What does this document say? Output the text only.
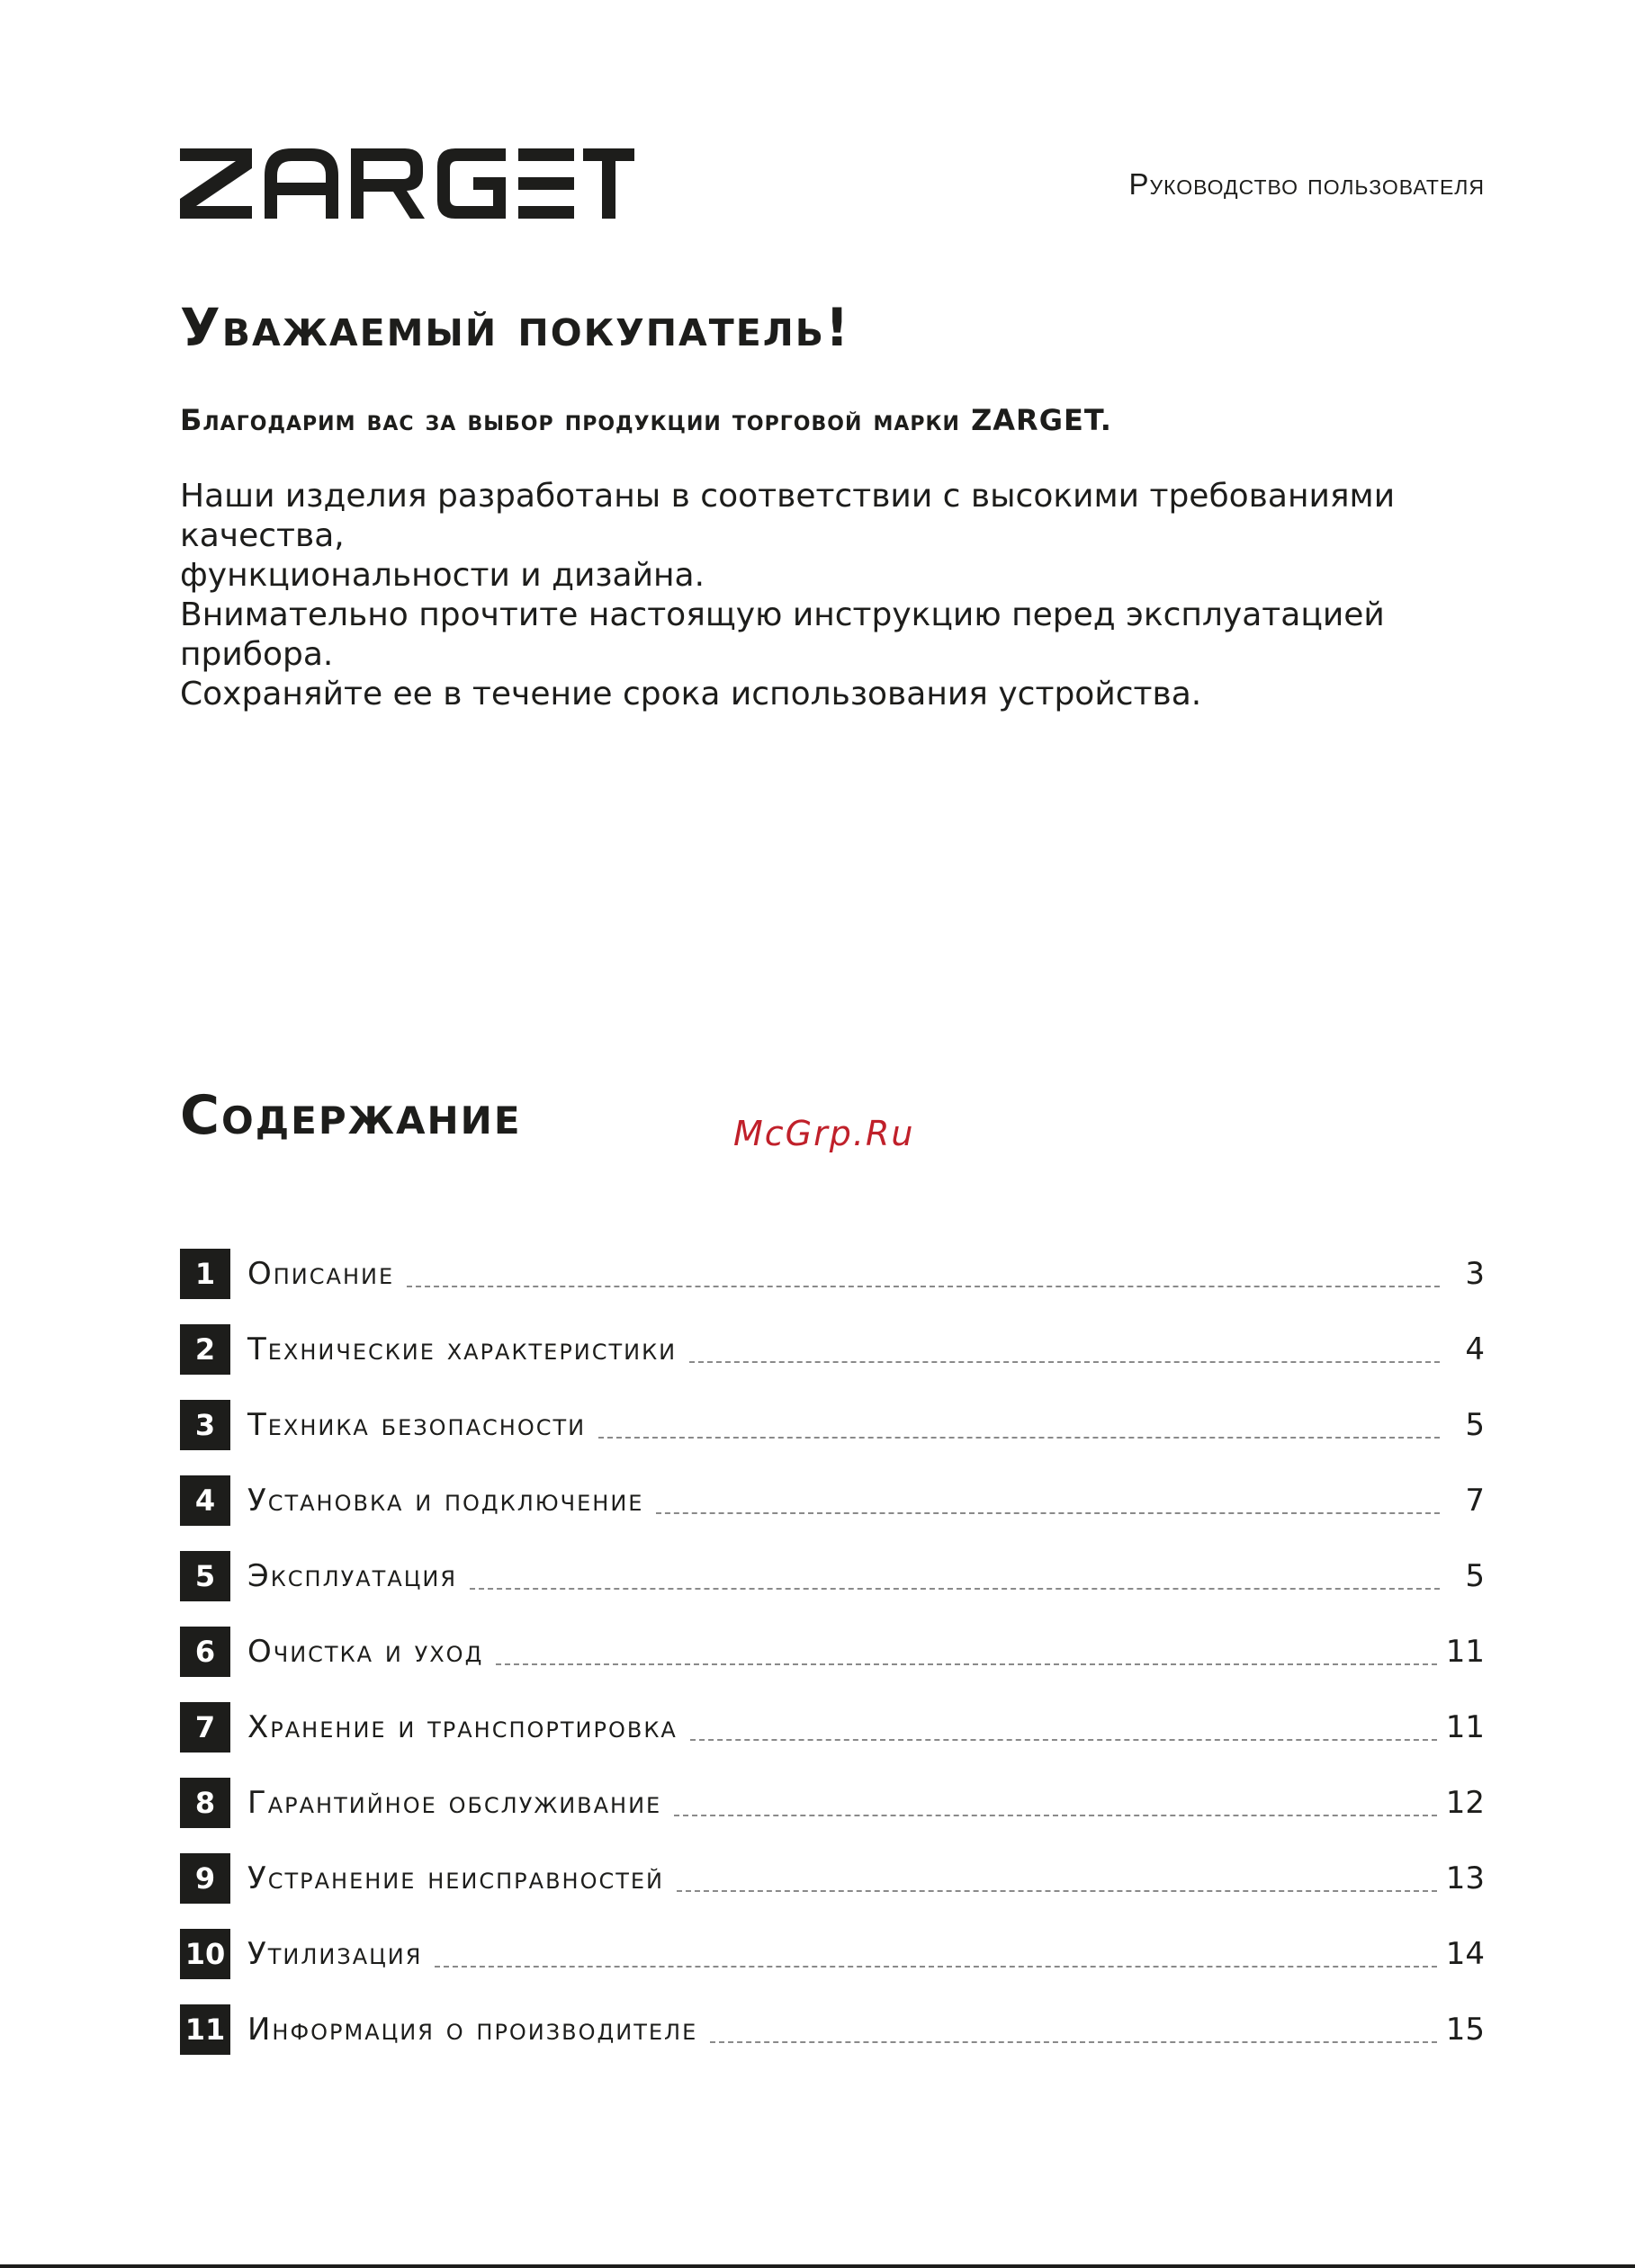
Руководство пользователя
Уважаемый покупатель!
Благодарим вас за выбор продукции торговой марки ZARGET.
Наши изделия разработаны в соответствии с высокими требованиями качества,
функциональности и дизайна.
Внимательно прочтите настоящую инструкцию перед эксплуатацией прибора.
Сохраняйте ее в течение срока использования устройства.
Содержание	McGrp.Ru
1	Описание	3
2	Технические характеристики	4
3	Техника безопасности	5
4	Установка и подключение	7
5	Эксплуатация	5
6	Очистка и уход	11
7	Хранение и транспортировка	11
8	Гарантийное обслуживание	12
9	Устранение неисправностей	13
10 Утилизация	14
11 Информация о производителе	15
